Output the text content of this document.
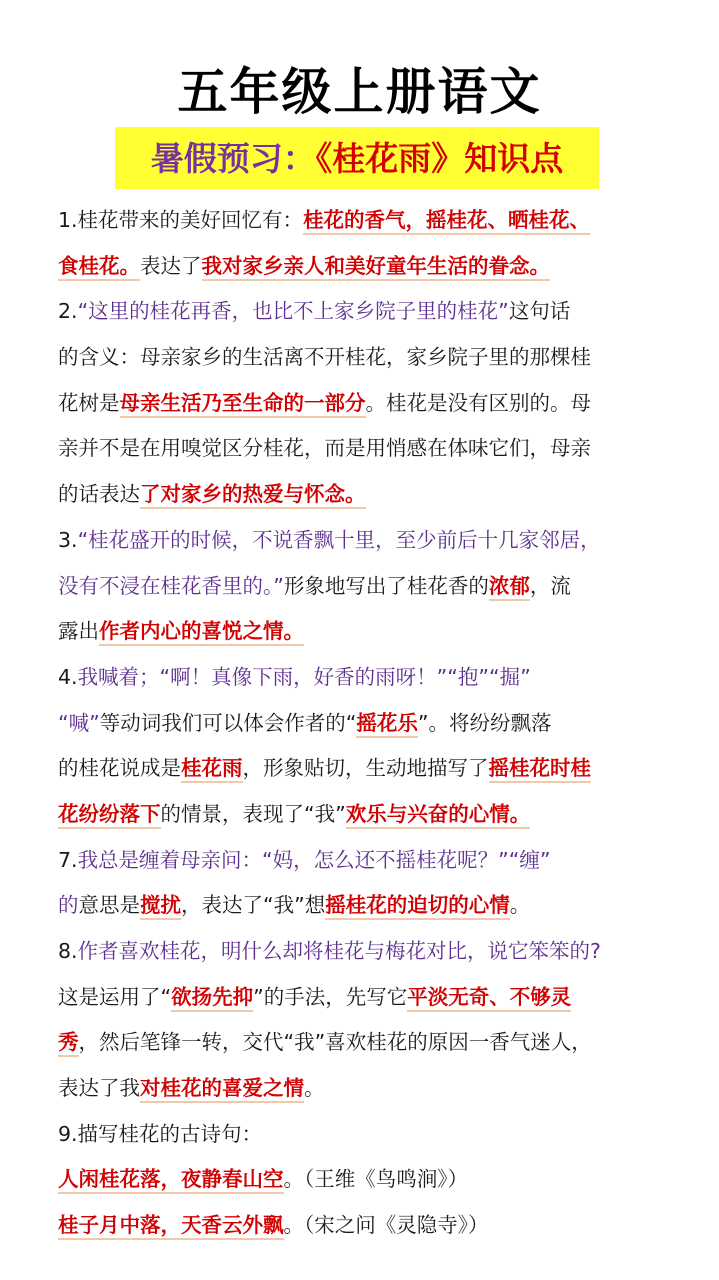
五年级上册语文
暑假预习：《桂花雨》知识点
1.桂花带来的美好回忆有：桂花的香气，摇桂花、晒桂花、
食桂花。表达了我对家乡亲人和美好童年生活的眷念。
2.“这里的桂花再香，也比不上家乡院子里的桂花”这句话
的含义：母亲家乡的生活离不开桂花，家乡院子里的那棵桂
花树是母亲生活乃至生命的一部分。桂花是没有区别的。母
亲并不是在用嗅觉区分桂花，而是用悄感在体味它们，母亲
的话表达了对家乡的热爱与怀念。
3.“桂花盛开的时候，不说香飘十里，至少前后十几家邻居，
没有不浸在桂花香里的。”形象地写出了桂花香的浓郁，流
露出作者内心的喜悦之情。
4.我喊着；“啊！真像下雨，好香的雨呀！”“抱”“掘”
“喊”等动词我们可以体会作者的“摇花乐”。将纷纷飘落
的桂花说成是桂花雨，形象贴切，生动地描写了摇桂花时桂
花纷纷落下的情景，表现了“我”欢乐与兴奋的心情。
7.我总是缠着母亲问：“妈，怎么还不摇桂花呢？”“缠”
的意思是搅扰，表达了“我”想摇桂花的迫切的心情。
8.作者喜欢桂花，明什么却将桂花与梅花对比，说它笨笨的?
这是运用了“欲扬先抑”的手法，先写它平淡无奇、不够灵
秀，然后笔锋一转，交代“我”喜欢桂花的原因一香气迷人，
表达了我对桂花的喜爱之情。
9.描写桂花的古诗句：
人闲桂花落，夜静春山空。（王维《鸟鸣涧》）
桂子月中落，天香云外飘。（宋之问《灵隐寺》）
